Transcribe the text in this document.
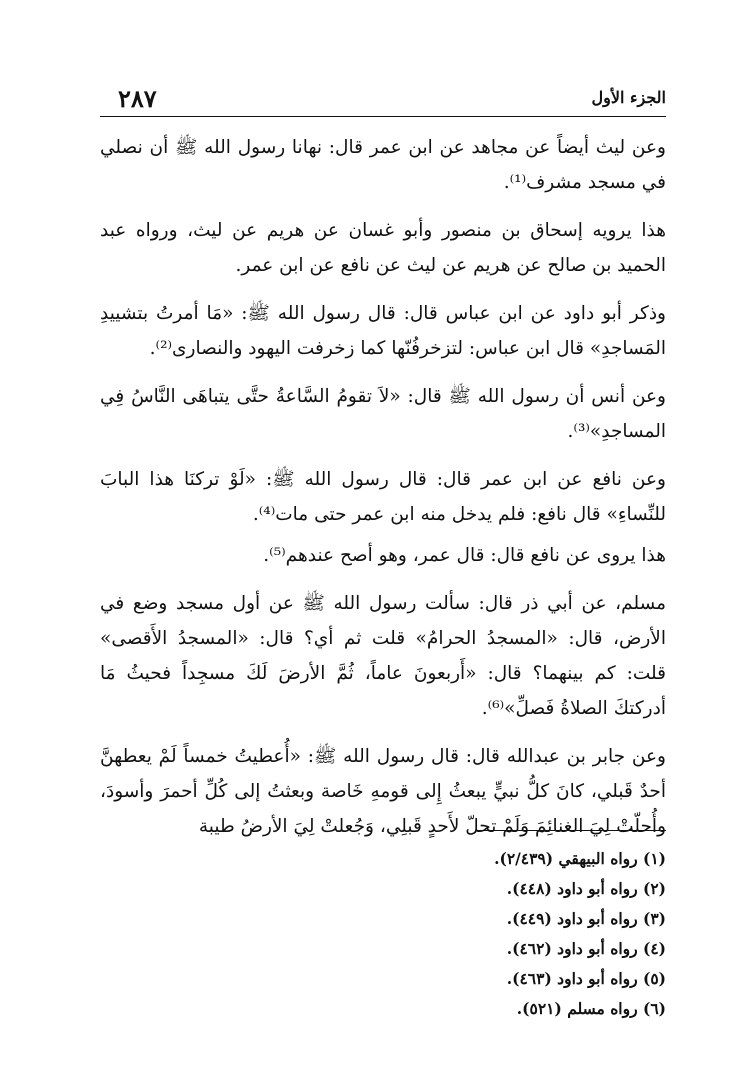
الجزء الأول
٢٨٧

وعن ليث أيضاً عن مجاهد عن ابن عمر قال: نهانا رسول الله ﷺ أن نصلي في مسجد مشرف⁽¹⁾.

هذا يرويه إسحاق بن منصور وأبو غسان عن هريم عن ليث، ورواه عبد الحميد بن صالح عن هريم عن ليث عن نافع عن ابن عمر.

وذكر أبو داود عن ابن عباس قال: قال رسول الله ﷺ: «مَا أمرتُ بتشييدِ المَساجدِ» قال ابن عباس: لتزخرفُنّها كما زخرفت اليهود والنصارى⁽²⁾.

وعن أنس أن رسول الله ﷺ قال: «لاَ تقومُ السَّاعةُ حتَّى يتباهَى النَّاسُ فِي المساجدِ»⁽³⁾.

وعن نافع عن ابن عمر قال: قال رسول الله ﷺ: «لَوْ تركنَا هذا البابَ للنِّساءِ» قال نافع: فلم يدخل منه ابن عمر حتى مات⁽⁴⁾.

هذا يروى عن نافع قال: قال عمر، وهو أصح عندهم⁽⁵⁾.

مسلم، عن أبي ذر قال: سألت رسول الله ﷺ عن أول مسجد وضع في الأرض، قال: «المسجدُ الحرامُ» قلت ثم أي؟ قال: «المسجدُ الأَقصى» قلت: كم بينهما؟ قال: «أَربعونَ عاماً، ثُمَّ الأرضَ لَكَ مسجِداً فحيثُ مَا أدركتكَ الصلاةُ فَصلِّ»⁽⁶⁾.

وعن جابر بن عبدالله قال: قال رسول الله ﷺ: «أُعطيتُ خمساً لَمْ يعطهنَّ أحدٌ قَبلي، كانَ كلُّ نبيٍّ يبعثُ إِلى قومهِ خَاصة وبعثتُ إلى كُلِّ أحمرَ وأسودَ، وأُحلّتْ لِيَ الغنائِمَ وَلَمْ تحلّ لأَحدٍ قَبلِي، وَجُعلتْ لِيَ الأرضُ طيبة

(١) رواه البيهقي (٢/٤٣٩).

(٢) رواه أبو داود (٤٤٨).

(٣) رواه أبو داود (٤٤٩).

(٤) رواه أبو داود (٤٦٢).

(٥) رواه أبو داود (٤٦٣).

(٦) رواه مسلم (٥٢١).
